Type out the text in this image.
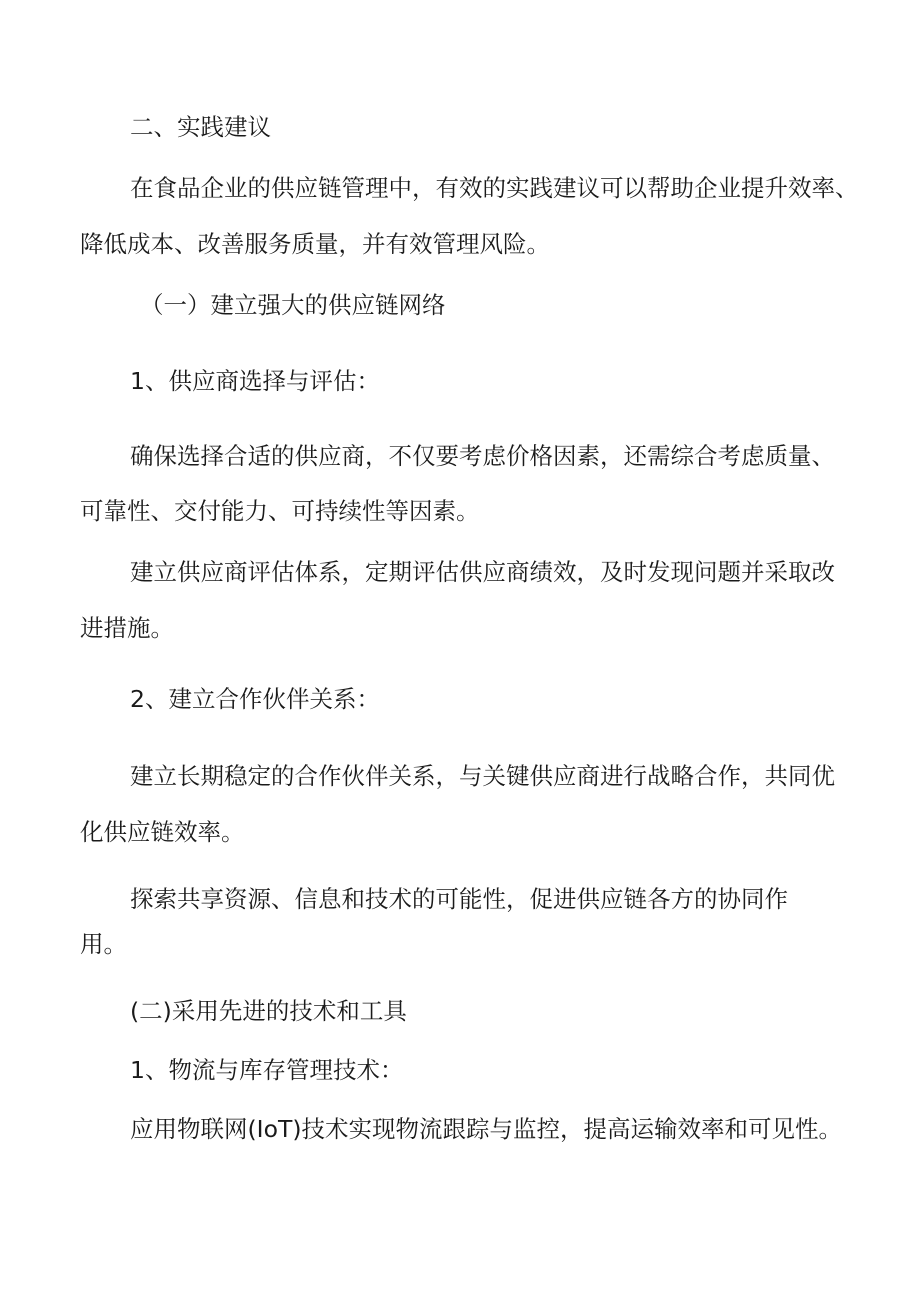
二、实践建议

在食品企业的供应链管理中，有效的实践建议可以帮助企业提升效率、

降低成本、改善服务质量，并有效管理风险。

（一）建立强大的供应链网络

1、供应商选择与评估：

确保选择合适的供应商，不仅要考虑价格因素，还需综合考虑质量、

可靠性、交付能力、可持续性等因素。

建立供应商评估体系，定期评估供应商绩效，及时发现问题并采取改

进措施。

2、建立合作伙伴关系：

建立长期稳定的合作伙伴关系，与关键供应商进行战略合作，共同优

化供应链效率。

探索共享资源、信息和技术的可能性，促进供应链各方的协同作

用。

(二)采用先进的技术和工具

1、物流与库存管理技术：

应用物联网(IoT)技术实现物流跟踪与监控，提高运输效率和可见性。
